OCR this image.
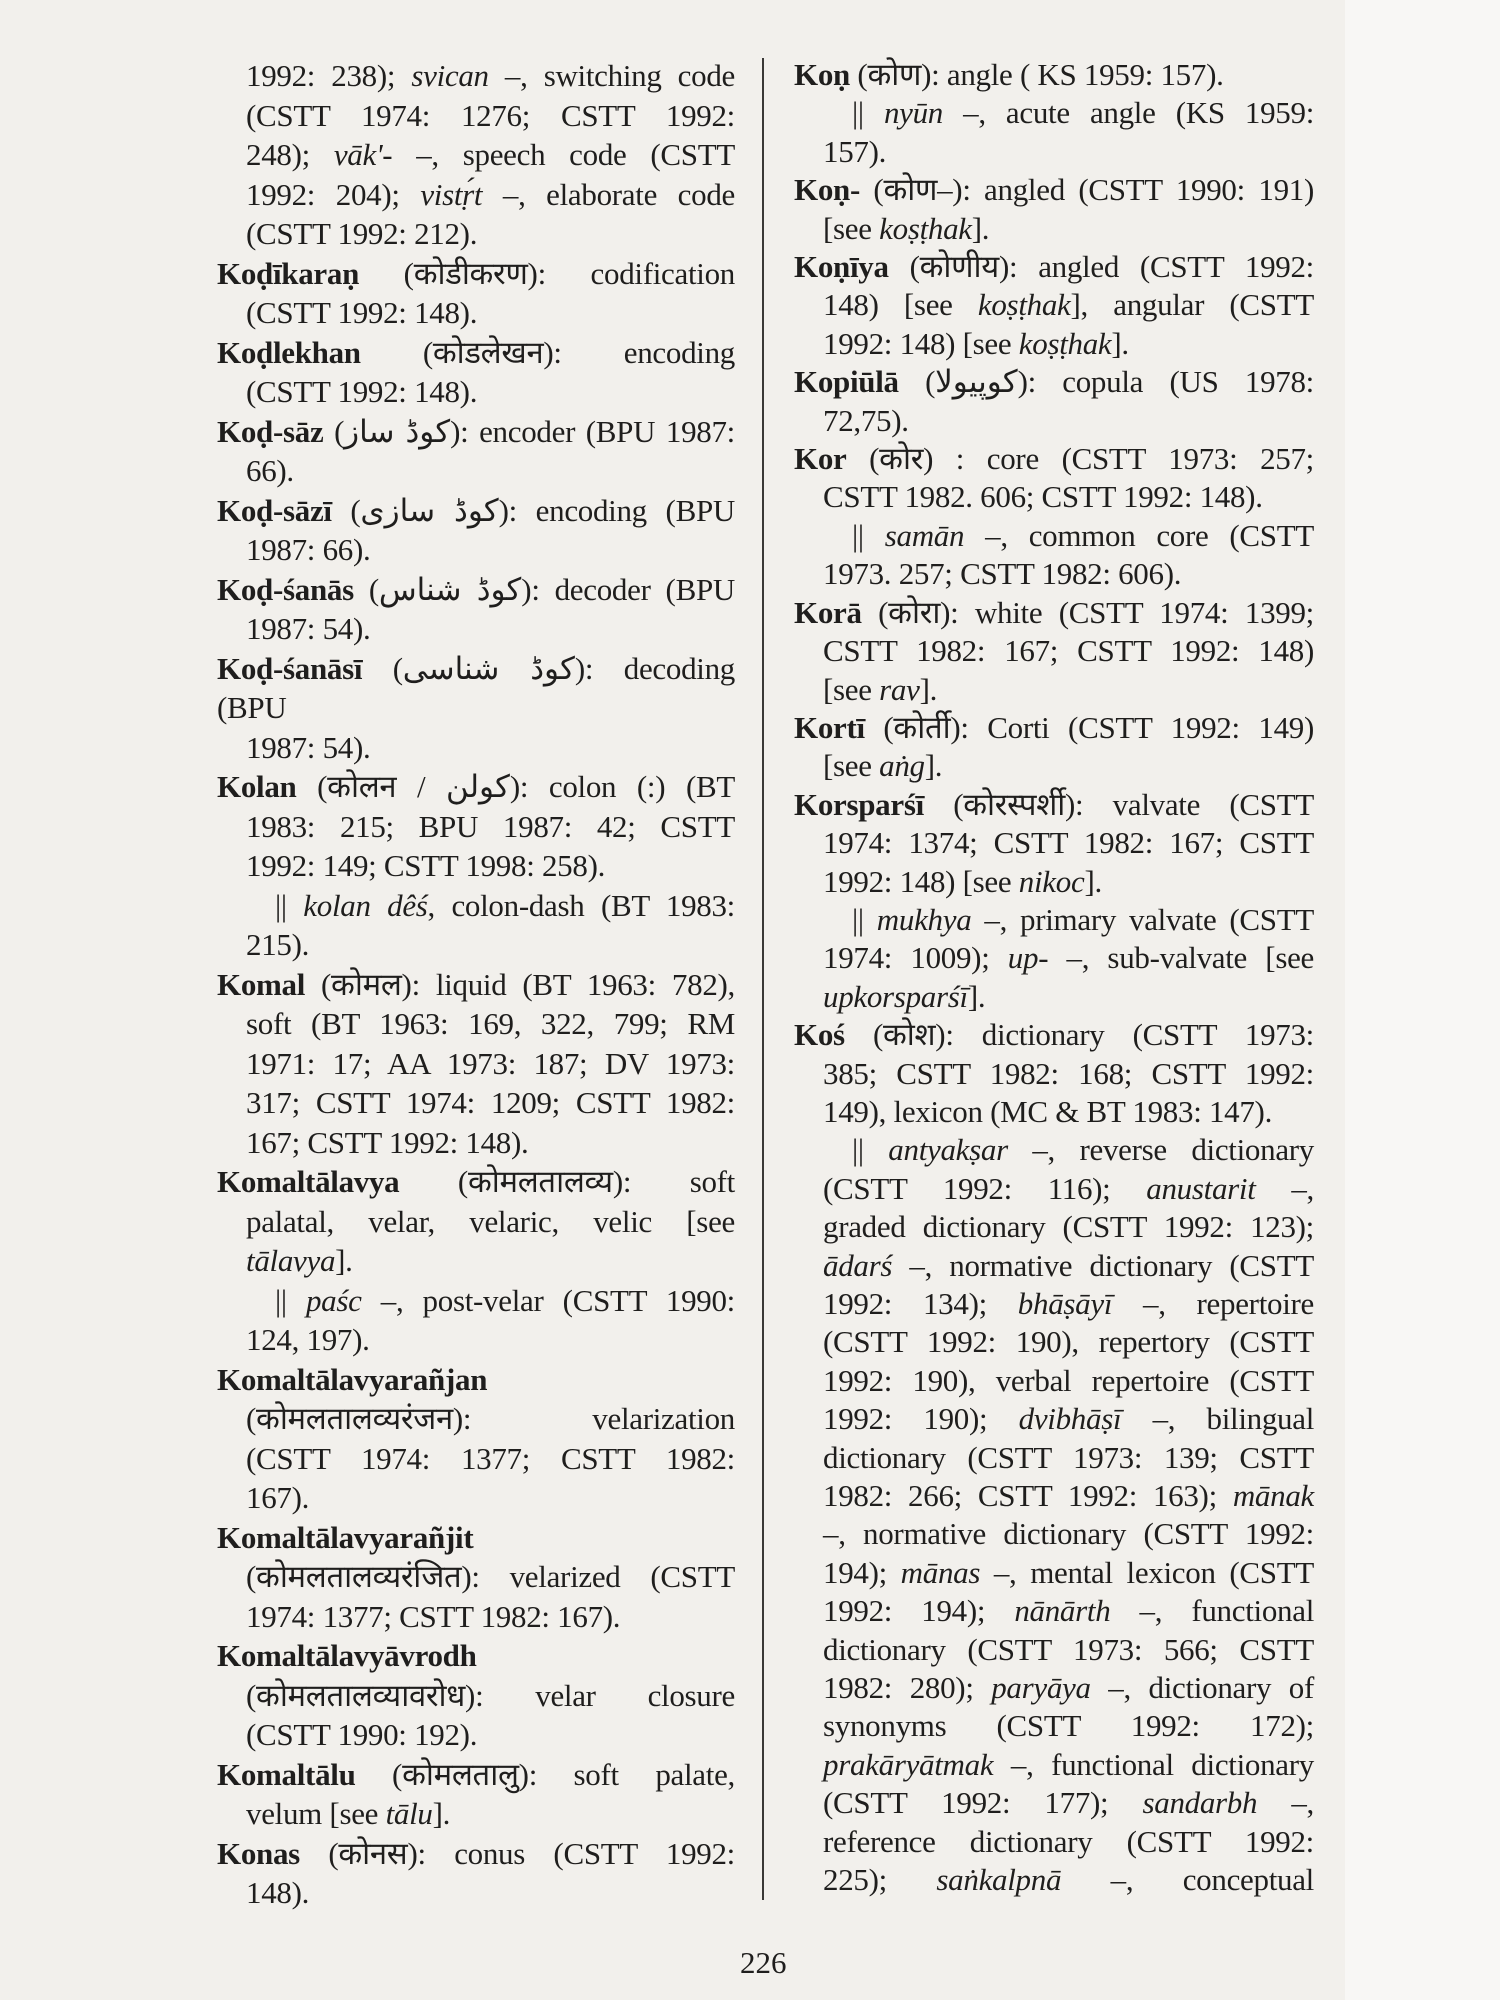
1992: 238); svican –, switching code
(CSTT 1974: 1276; CSTT 1992:
248); vāk'- –, speech code (CSTT
1992: 204); vistṛ́t –, elaborate code
(CSTT 1992: 212).
Koḍīkaraṇ (कोडीकरण): codification
(CSTT 1992: 148).
Koḍlekhan (कोडलेखन): encoding
(CSTT 1992: 148).
Koḍ-sāz (کوڈ ساز): encoder (BPU 1987:
66).
Koḍ-sāzī (کوڈ سازی): encoding (BPU
1987: 66).
Koḍ-śanās (کوڈ شناس): decoder (BPU
1987: 54).
Koḍ-śanāsī (کوڈ شناسی): decoding (BPU
1987: 54).
Kolan (कोलन / کولن): colon (:) (BT
1983: 215; BPU 1987: 42; CSTT
1992: 149; CSTT 1998: 258).
|| kolan dêś, colon-dash (BT 1983:
215).
Komal (कोमल): liquid (BT 1963: 782),
soft (BT 1963: 169, 322, 799; RM
1971: 17; AA 1973: 187; DV 1973:
317; CSTT 1974: 1209; CSTT 1982:
167; CSTT 1992: 148).
Komaltālavya (कोमलतालव्य): soft
palatal, velar, velaric, velic [see
tālavya].
|| paśc –, post-velar (CSTT 1990:
124, 197).
Komaltālavyarañjan
(कोमलतालव्यरंजन): velarization
(CSTT 1974: 1377; CSTT 1982:
167).
Komaltālavyarañjit
(कोमलतालव्यरंजित): velarized (CSTT
1974: 1377; CSTT 1982: 167).
Komaltālavyāvrodh
(कोमलतालव्यावरोध): velar closure
(CSTT 1990: 192).
Komaltālu (कोमलतालु): soft palate,
velum [see tālu].
Konas (कोनस): conus (CSTT 1992:
148).
Koṇ (कोण): angle ( KS 1959: 157).
|| nyūn –, acute angle (KS 1959:
157).
Koṇ- (कोण–): angled (CSTT 1990: 191)
[see koṣṭhak].
Koṇīya (कोणीय): angled (CSTT 1992:
148) [see koṣṭhak], angular (CSTT
1992: 148) [see koṣṭhak].
Kopiūlā (کوپیولا): copula (US 1978:
72,75).
Kor (कोर) : core (CSTT 1973: 257;
CSTT 1982. 606; CSTT 1992: 148).
|| samān –, common core (CSTT
1973. 257; CSTT 1982: 606).
Korā (कोरा): white (CSTT 1974: 1399;
CSTT 1982: 167; CSTT 1992: 148)
[see rav].
Kortī (कोर्ती): Corti (CSTT 1992: 149)
[see aṅg].
Korsparśī (कोरस्पर्शी): valvate (CSTT
1974: 1374; CSTT 1982: 167; CSTT
1992: 148) [see nikoc].
|| mukhya –, primary valvate (CSTT
1974: 1009); up- –, sub-valvate [see
upkorsparśī].
Koś (कोश): dictionary (CSTT 1973:
385; CSTT 1982: 168; CSTT 1992:
149), lexicon (MC & BT 1983: 147).
|| antyakṣar –, reverse dictionary
(CSTT 1992: 116); anustarit –,
graded dictionary (CSTT 1992: 123);
ādarś –, normative dictionary (CSTT
1992: 134); bhāṣāyī –, repertoire
(CSTT 1992: 190), repertory (CSTT
1992: 190), verbal repertoire (CSTT
1992: 190); dvibhāṣī –, bilingual
dictionary (CSTT 1973: 139; CSTT
1982: 266; CSTT 1992: 163); mānak
–, normative dictionary (CSTT 1992:
194); mānas –, mental lexicon (CSTT
1992: 194); nānārth –, functional
dictionary (CSTT 1973: 566; CSTT
1982: 280); paryāya –, dictionary of
synonyms (CSTT 1992: 172);
prakāryātmak –, functional dictionary
(CSTT 1992: 177); sandarbh –,
reference dictionary (CSTT 1992:
225); saṅkalpnā –, conceptual
226
